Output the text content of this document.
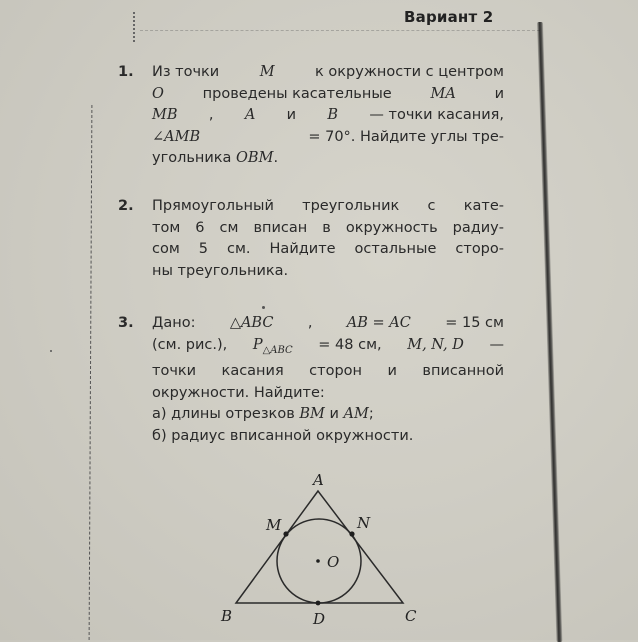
Вариант 2
1. Из точки	M	к окружности с центром
O	проведены касательные	MA	и
MB , A и B — точки касания,
∠AMB	= 70°. Найдите углы тре-
угольника OBM.
2. Прямоугольный треугольник с кате-
том 6 см вписан в окружность радиу-
сом 5 см. Найдите остальные сторо-
ны треугольника.
3. Дано: △ABC , AB = AC = 15 см
(см. рис.), $P_{\triangle ABC} = 48$ см, M, N, D —
точки касания сторон и вписанной
окружности. Найдите:
а) длины отрезков BM и AM;
б) радиус вписанной окружности.
A
M	N
O
B	D	C
